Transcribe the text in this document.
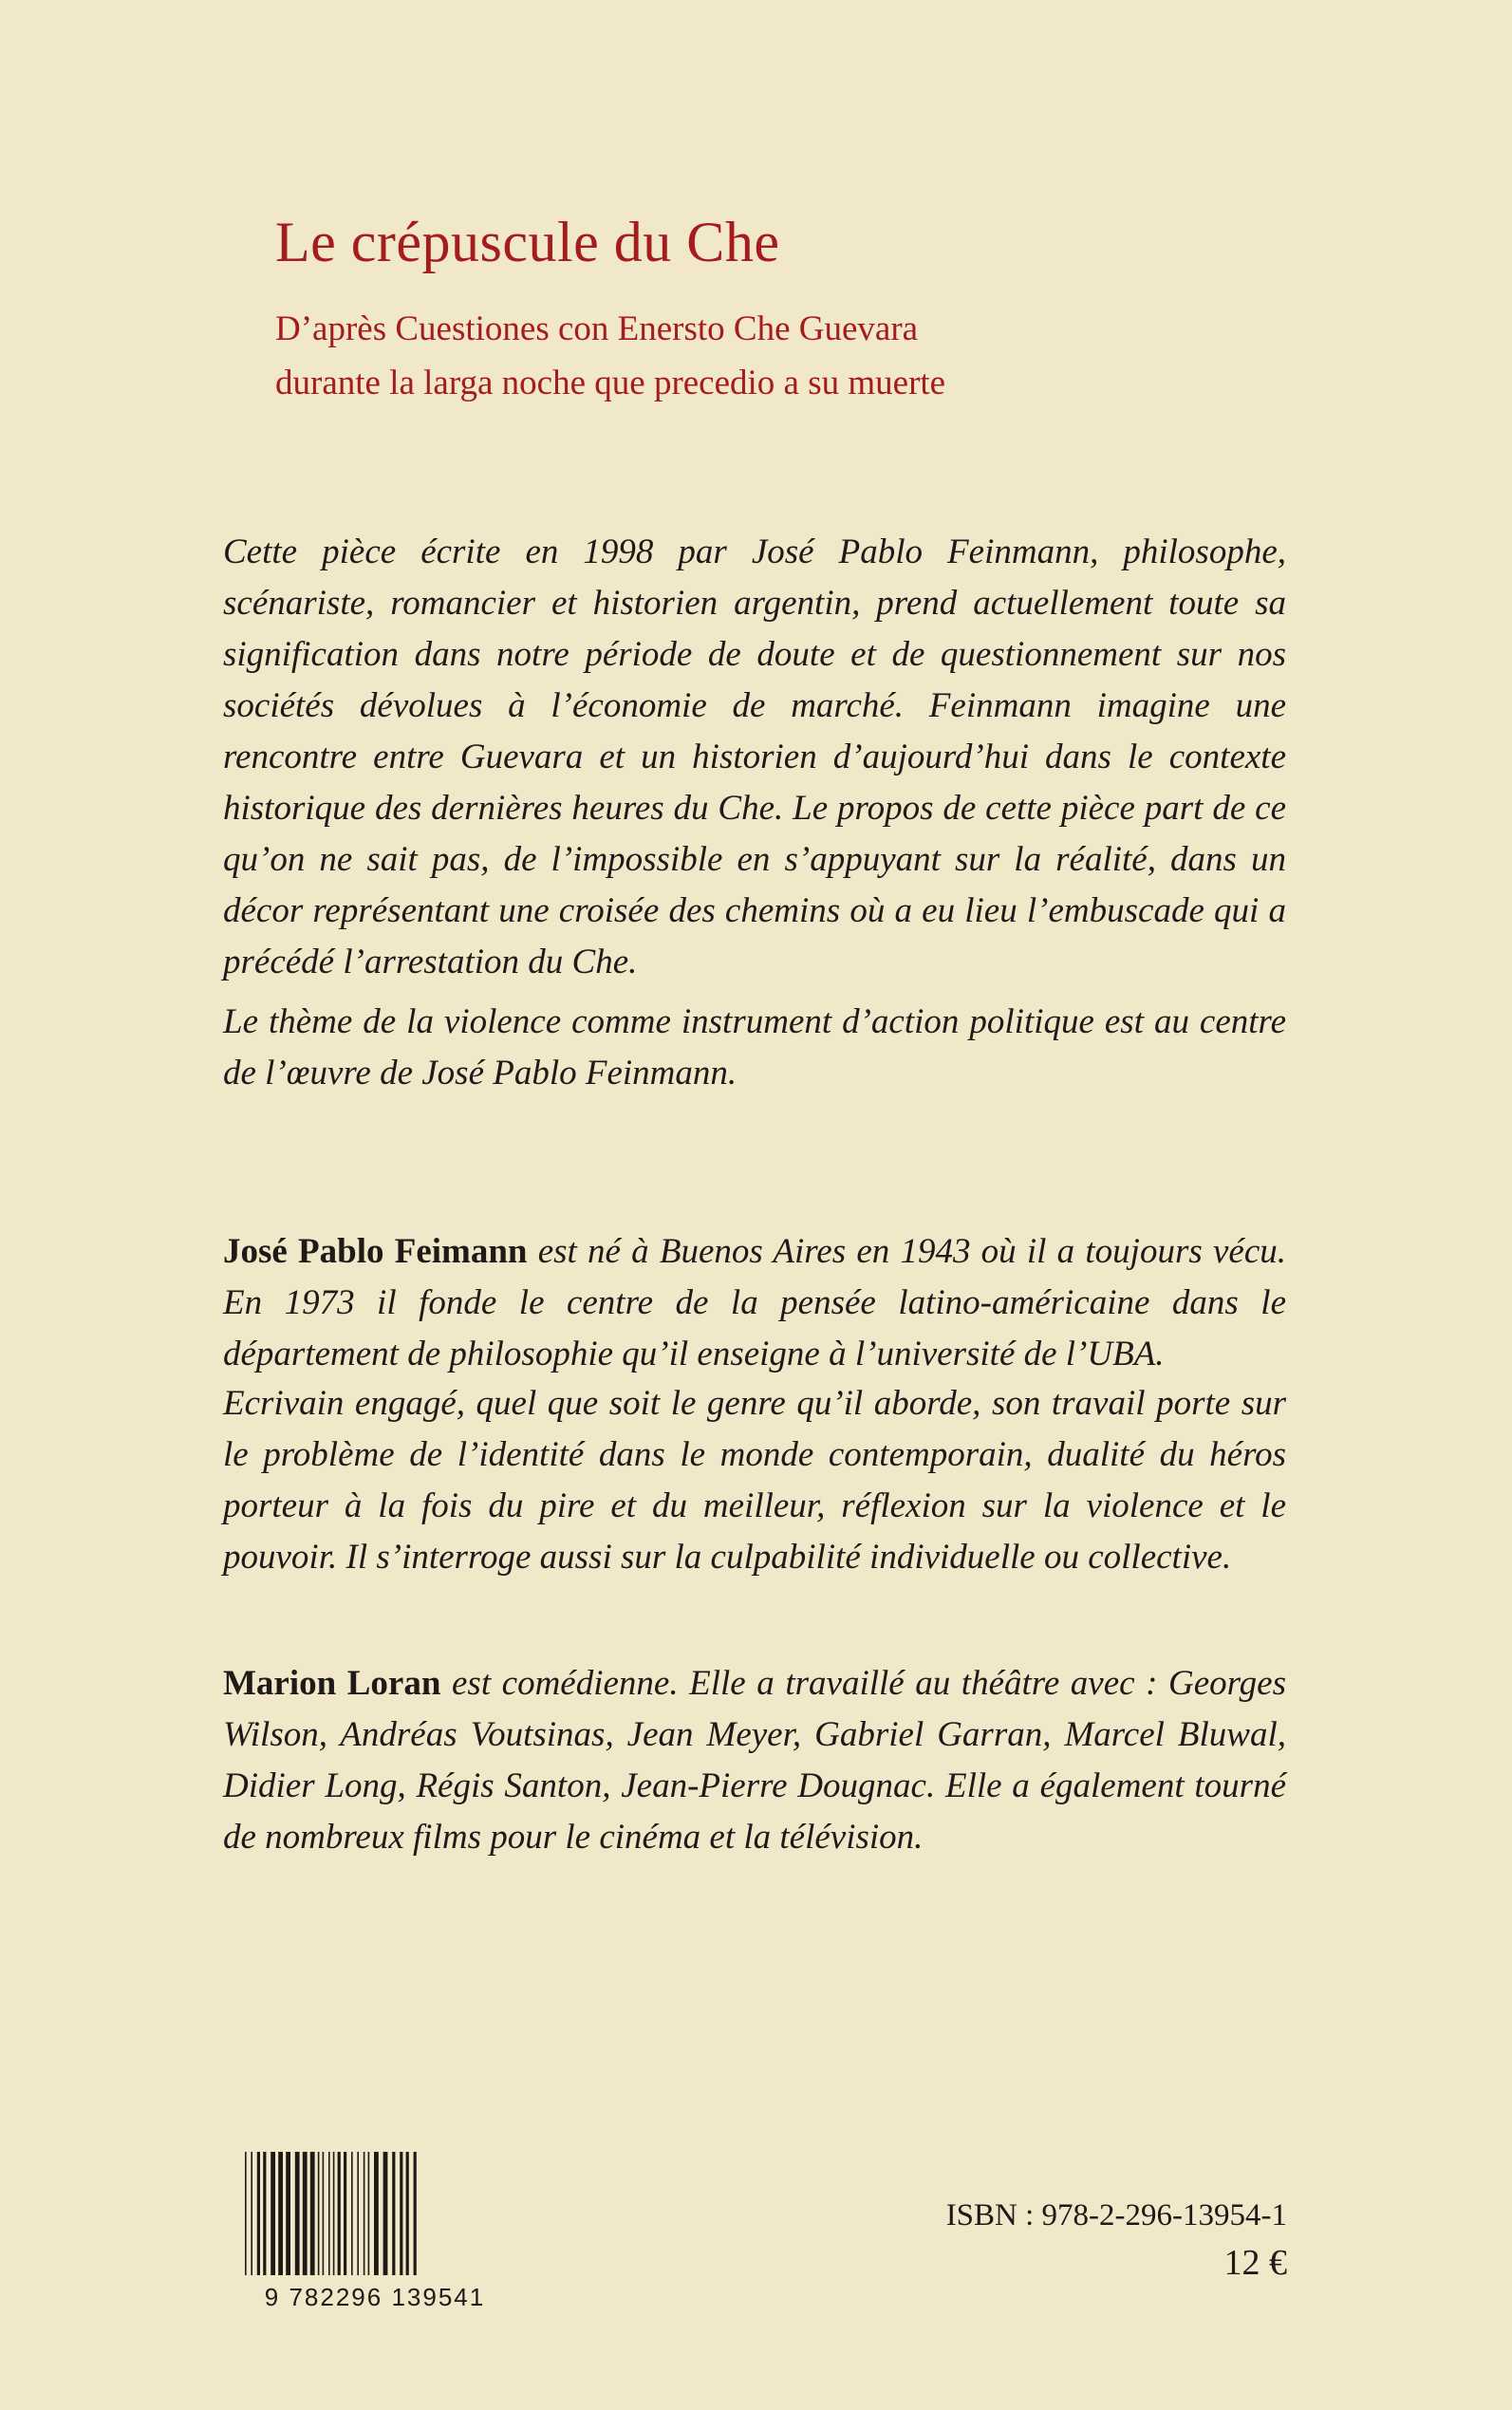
Le crépuscule du Che
D’après Cuestiones con Enersto Che Guevara
durante la larga noche que precedio a su muerte

Cette pièce écrite en 1998 par José Pablo Feinmann, philosophe, scénariste, romancier et historien argentin, prend actuellement toute sa signification dans notre période de doute et de questionnement sur nos sociétés dévolues à l’économie de marché. Feinmann imagine une rencontre entre Guevara et un historien d’aujourd’hui dans le contexte historique des dernières heures du Che. Le propos de cette pièce part de ce qu’on ne sait pas, de l’impossible en s’appuyant sur la réalité, dans un décor représentant une croisée des chemins où a eu lieu l’embuscade qui a précédé l’arrestation du Che.

Le thème de la violence comme instrument d’action politique est au centre de l’œuvre de José Pablo Feinmann.

José Pablo Feimann est né à Buenos Aires en 1943 où il a toujours vécu. En 1973 il fonde le centre de la pensée latino-américaine dans le département de philosophie qu’il enseigne à l’université de l’UBA.

Ecrivain engagé, quel que soit le genre qu’il aborde, son travail porte sur le problème de l’identité dans le monde contemporain, dualité du héros porteur à la fois du pire et du meilleur, réflexion sur la violence et le pouvoir. Il s’interroge aussi sur la culpabilité individuelle ou collective.

Marion Loran est comédienne. Elle a travaillé au théâtre avec : Georges Wilson, Andréas Voutsinas, Jean Meyer, Gabriel Garran, Marcel Bluwal, Didier Long, Régis Santon, Jean-Pierre Dougnac. Elle a également tourné de nombreux films pour le cinéma et la télévision.

9 782296 139541
ISBN : 978-2-296-13954-1
12 €
